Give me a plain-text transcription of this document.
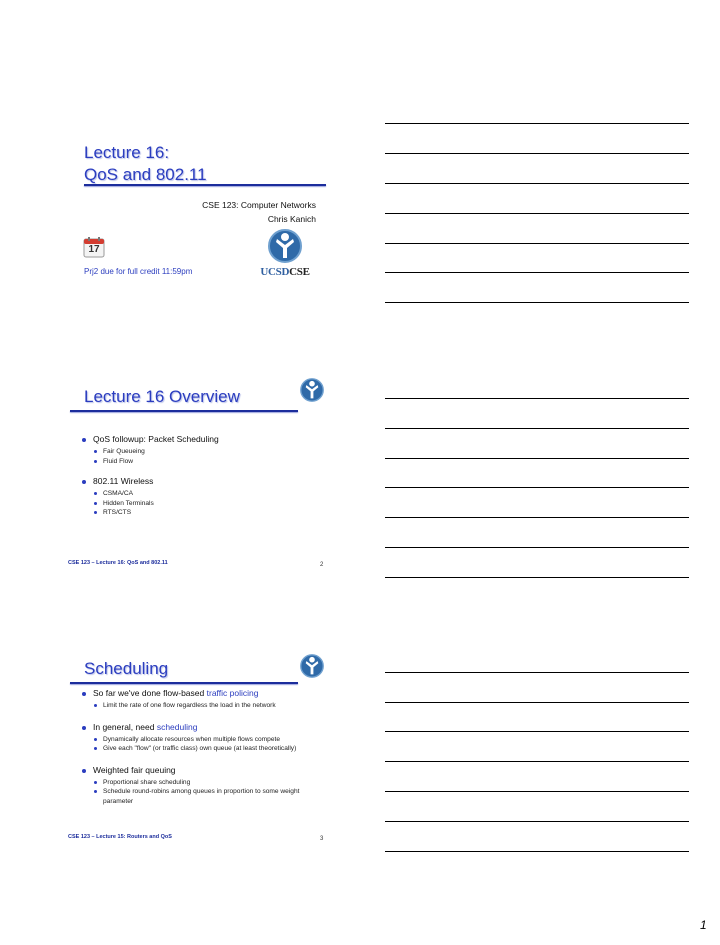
Lecture 16:
QoS and 802.11
CSE 123: Computer Networks
Chris Kanich
17
Prj2 due for full credit 11:59pm	UCSDCSE
Lecture 16 Overview
QoS followup: Packet Scheduling
Fair Queueing
Fluid Flow
802.11 Wireless
CSMA/CA
Hidden Terminals
RTS/CTS
CSE 123 – Lecture 16: QoS and 802.11	2
Scheduling
So far we've done flow-based traffic policing
Limit the rate of one flow regardless the load in the network
In general, need scheduling
Dynamically allocate resources when multiple flows compete
Give each "flow" (or traffic class) own queue (at least theoretically)
Weighted fair queuing
Proportional share scheduling
Schedule round-robins among queues in proportion to some weight parameter
CSE 123 – Lecture 15: Routers and QoS	3
1
